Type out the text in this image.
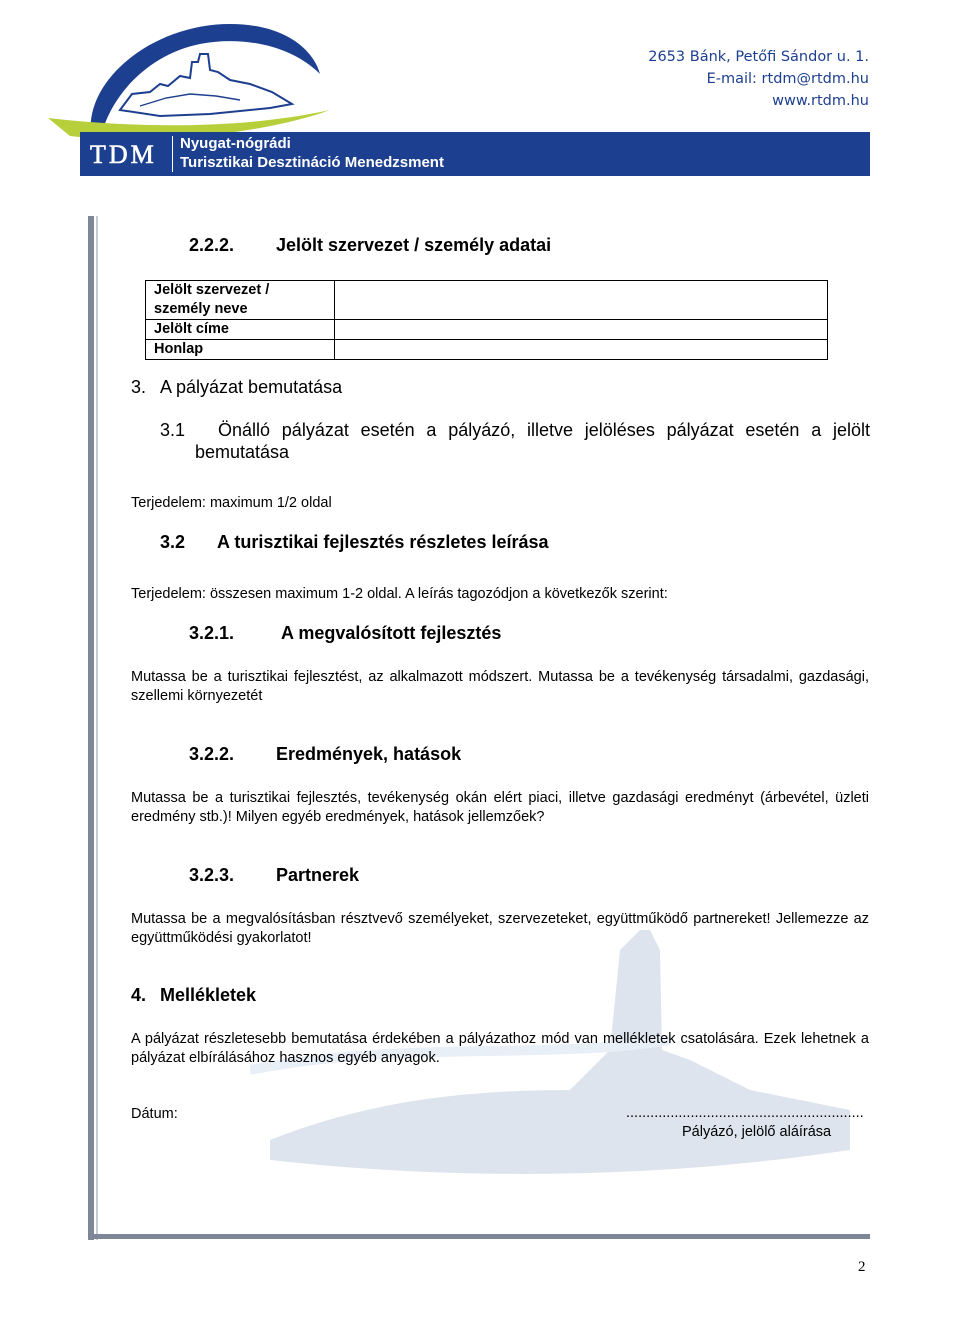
TDM Nyugat-nógrádi
Turisztikai Desztináció Menedzsment
2653 Bánk, Petőfi Sándor u. 1.
E-mail: rtdm@rtdm.hu
www.rtdm.hu
2.2.2. Jelölt szervezet / személy adatai
Jelölt szervezet / személy neve	
Jelölt címe	
Honlap	
3. A pályázat bemutatása
3.1	Önálló pályázat esetén a pályázó, illetve jelöléses pályázat esetén a jelölt bemutatása
Terjedelem: maximum 1/2 oldal
3.2 A turisztikai fejlesztés részletes leírása
Terjedelem: összesen maximum 1-2 oldal. A leírás tagozódjon a következők szerint:
3.2.1.	A megvalósított fejlesztés
Mutassa be a turisztikai fejlesztést, az alkalmazott módszert. Mutassa be a tevékenység társadalmi, gazdasági, szellemi környezetét
3.2.2. Eredmények, hatások
Mutassa be a turisztikai fejlesztés, tevékenység okán elért piaci, illetve gazdasági eredményt (árbevétel, üzleti eredmény stb.)! Milyen egyéb eredmények, hatások jellemzőek?
3.2.3. Partnerek
Mutassa be a megvalósításban résztvevő személyeket, szervezeteket, együttműködő partnereket! Jellemezze az együttműködési gyakorlatot!
4. Mellékletek
A pályázat részletesebb bemutatása érdekében a pályázathoz mód van mellékletek csatolására. Ezek lehetnek a pályázat elbírálásához hasznos egyéb anyagok.
Dátum:	...........................................................
Pályázó, jelölő aláírása
2
